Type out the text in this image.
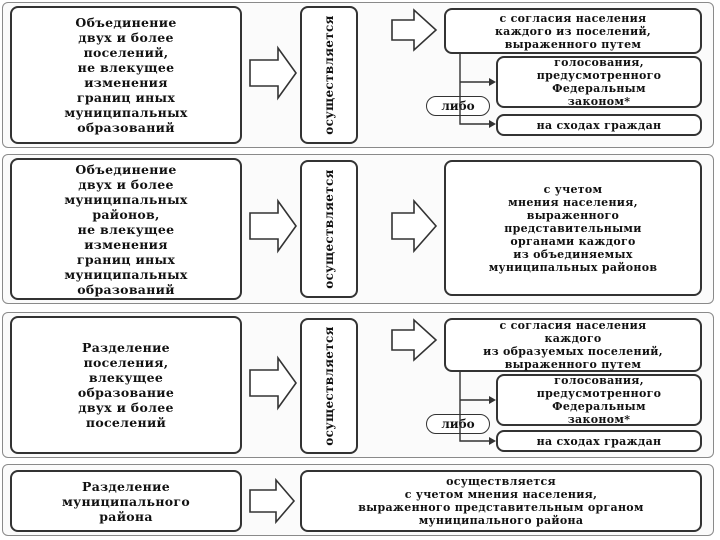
Объединение
двух и более
поселений,
не влекущее
изменения
границ иных
муниципальных
образований	осуществляется	с согласия населения
каждого из поселений,
выраженного путем
голосования,
предусмотренного
Федеральным
законом*
либо
на сходах граждан
Объединение
двух и более
муниципальных
районов,
не влекущее
изменения
границ иных
муниципальных
образований
осуществляется	с учетом
мнения населения,
выраженного
представительными
органами каждого
из объединяемых
муниципальных районов
Разделение
поселения,
влекущее
образование
двух и более
поселений	осуществляется
с согласия населения
каждого
из образуемых поселений,
выраженного путем
голосования,
предусмотренного
Федеральным
законом*
либо
на сходах граждан
Разделение
муниципального
района
осуществляется
с учетом мнения населения,
выраженного представительным органом
муниципального района
